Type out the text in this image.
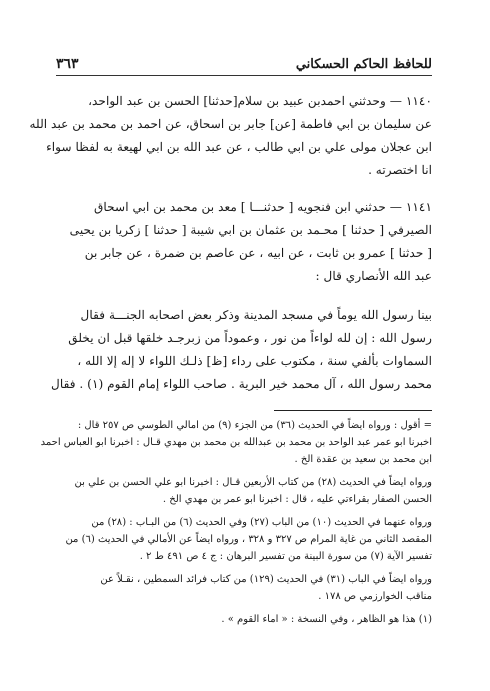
للحافظ الحاكم الحسكاني
٣٦٣
١١٤٠ — وحدثني احمدبن عبيد بن سلام[حدثنا] الحسن بن عبد الواحد،
عن سليمان بن ابي فاطمة [عن] جابر بن اسحاق، عن احمد بن محمد بن عبد الله
ابن عجلان مولى علي بن ابي طالب ، عن عبد الله بن ابي لهيعة به لفظا سواء
انا اختصرته .
١١٤١ — حدثني ابن فنجويه [ حدثنـــا ] معد بن محمد بن ابي اسحاق
الصيرفي [ حدثنا ] محـمد بن عثمان بن ابي شيبة [ حدثنا ] زكريا بن يحيى
[ حدثنا ] عمرو بن ثابت ، عن ابيه ، عن عاصم بن ضمرة ، عن جابر بن
عبد الله الأنصاري قال :
بينا رسول الله يوماً في مسجد المدينة وذكر بعض اصحابه الجنـــة فقال
رسول الله : إن لله لواءاً من نور ، وعموداً من زبرجـد خلقها قبل ان يخلق
السماوات بألفي سنة ، مكتوب على رداء [ظ] ذلـك اللواء لا إله إلا الله ،
محمد رسول الله ، آل محمد خير البرية . صاحب اللواء إمام القوم (١) . فقال
= أقول : ورواه ايضاً في الحديث (٣٦) من الجزء (٩) من امالي الطوسي ص ٢٥٧ قال :
اخبرنا ابو عمر عبد الواحد بن محمد بن عبدالله بن محمد بن مهدي قـال : اخبرنا ابو العباس احمد
ابن محمد بن سعيد بن عقدة الخ .
ورواه ايضاً في الحديث (٢٨) من كتاب الأربعين قـال : اخبرنا ابو علي الحسن بن علي بن
الحسن الصفار بقراءتي عليه ، قال : اخبرنا ابو عمر بن مهدي الخ .
ورواه عنهما في الحديث (١٠) من الباب (٢٧) وفي الحديث (٦) من البـاب : (٢٨) من
المقصد الثاني من غاية المرام ص ٣٢٧ و ٣٢٨ ، ورواه ايضاً عن الأمالي في الحديث (٦) من
تفسير الآية (٧) من سورة البينة من تفسير البرهان : ج ٤ ص ٤٩١ ط ٢ .
ورواه ايضاً في الباب (٣١) في الحديث (١٢٩) من كتاب فرائد السمطين ، نقـلاً عن
مناقب الخوارزمي ص ١٧٨ .
(١) هذا هو الظاهر ، وفي النسخة : « اماء القوم » .
